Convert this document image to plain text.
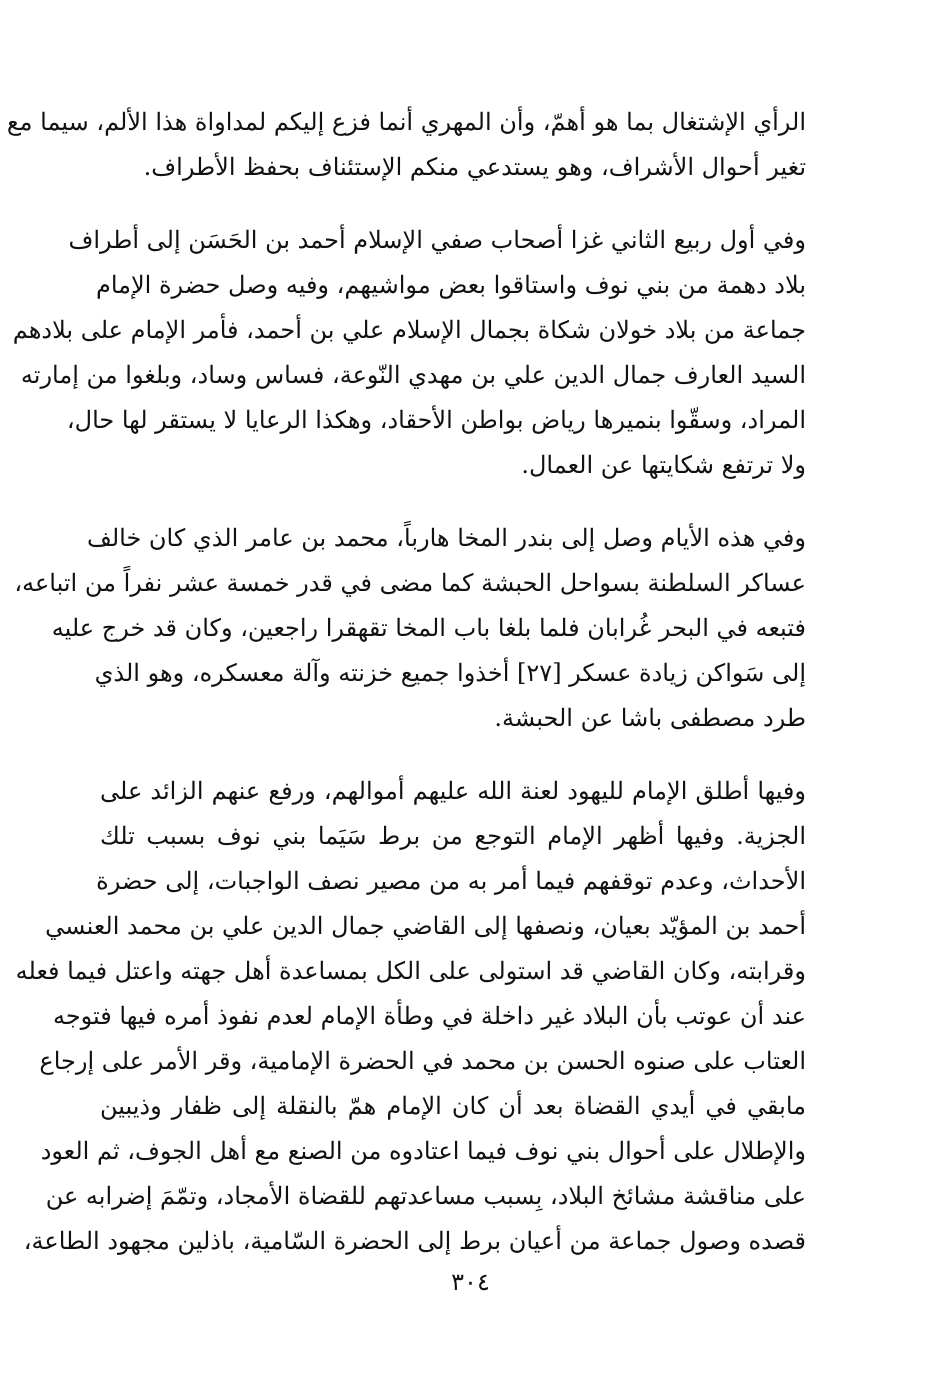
الرأي الإشتغال بما هو أهمّ، وأن المهري أنما فزع إليكم لمداواة هذا الألم، سيما مع
تغير أحوال الأشراف، وهو يستدعي منكم الإستئناف بحفظ الأطراف.
وفي أول ربيع الثاني غزا أصحاب صفي الإسلام أحمد بن الحَسَن إلى أطراف
بلاد دهمة من بني نوف واستاقوا بعض مواشيهم، وفيه وصل حضرة الإمام
جماعة من بلاد خولان شكاة بجمال الإسلام علي بن أحمد، فأمر الإمام على بلادهم
السيد العارف جمال الدين علي بن مهدي النّوعة، فساس وساد، وبلغوا من إمارته
المراد، وسقّوا بنميرها رياض بواطن الأحقاد، وهكذا الرعايا لا يستقر لها حال،
ولا ترتفع شكايتها عن العمال.
وفي هذه الأيام وصل إلى بندر المخا هارباً، محمد بن عامر الذي كان خالف
عساكر السلطنة بسواحل الحبشة كما مضى في قدر خمسة عشر نفراً من اتباعه،
فتبعه في البحر غُرابان فلما بلغا باب المخا تقهقرا راجعين، وكان قد خرج عليه
إلى سَواكن زيادة عسكر [٢٧] أخذوا جميع خزنته وآلة معسكره، وهو الذي
طرد مصطفى باشا عن الحبشة.
وفيها أطلق الإمام لليهود لعنة الله عليهم أموالهم، ورفع عنهم الزائد على
الجزية. وفيها أظهر الإمام التوجع من برط سَيَما بني نوف بسبب تلك
الأحداث، وعدم توقفهم فيما أمر به من مصير نصف الواجبات، إلى حضرة
أحمد بن المؤيّد بعيان، ونصفها إلى القاضي جمال الدين علي بن محمد العنسي
وقرابته، وكان القاضي قد استولى على الكل بمساعدة أهل جهته واعتل فيما فعله
عند أن عوتب بأن البلاد غير داخلة في وطأة الإمام لعدم نفوذ أمره فيها فتوجه
العتاب على صنوه الحسن بن محمد في الحضرة الإمامية، وقر الأمر على إرجاع
مابقي في أيدي القضاة بعد أن كان الإمام همّ بالنقلة إلى ظفار وذيبين
والإطلال على أحوال بني نوف فيما اعتادوه من الصنع مع أهل الجوف، ثم العود
على مناقشة مشائخ البلاد، بِسبب مساعدتهم للقضاة الأمجاد، وتمّمَ إضرابه عن
قصده وصول جماعة من أعيان برط إلى الحضرة السّامية، باذلين مجهود الطاعة،
٣٠٤
